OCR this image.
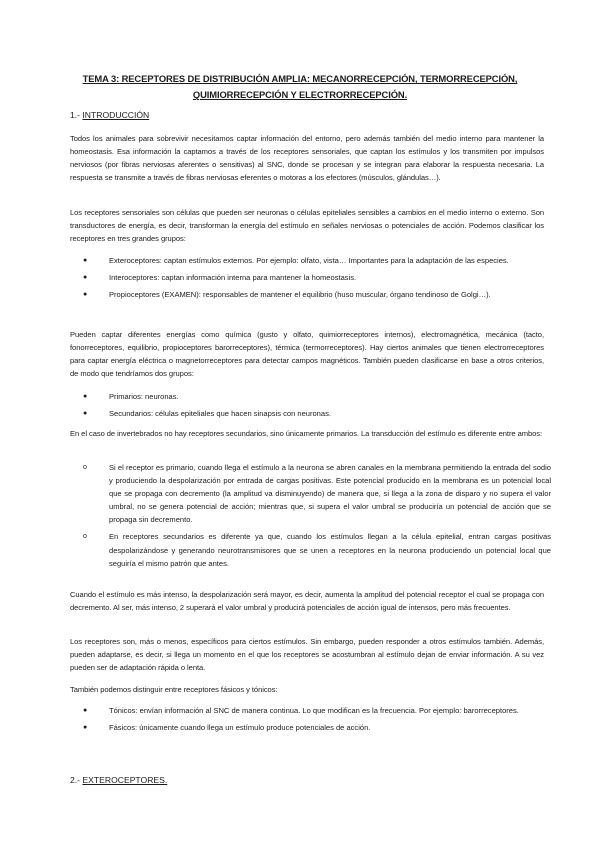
TEMA 3: RECEPTORES DE DISTRIBUCIÓN AMPLIA: MECANORRECEPCIÓN, TERMORRECEPCIÓN, QUIMIORRECEPCIÓN Y ELECTRORRECEPCIÓN.
1.- INTRODUCCIÓN
Todos los animales para sobrevivir necesitamos captar información del entorno, pero además también del medio interno para mantener la homeostasis. Esa información la captamos a través de los receptores sensoriales, que captan los estímulos y los transmiten por impulsos nerviosos (por fibras nerviosas aferentes o sensitivas) al SNC, donde se procesan y se integran para elaborar la respuesta necesaria. La respuesta se transmite a través de fibras nerviosas eferentes o motoras a los efectores (músculos, glándulas…).
Los receptores sensoriales son células que pueden ser neuronas o células epiteliales sensibles a cambios en el medio interno o externo. Son transductores de energía, es decir, transforman la energía del estímulo en señales nerviosas o potenciales de acción. Podemos clasificar los receptores en tres grandes grupos:
●	Exteroceptores: captan estímulos externos. Por ejemplo: olfato, vista… Importantes para la adaptación de las especies.
●	Interoceptores: captan información interna para mantener la homeostasis.
●	Propioceptores (EXAMEN): responsables de mantener el equilibrio (huso muscular, órgano tendinoso de Golgi…).
Pueden captar diferentes energías como química (gusto y olfato, quimiorreceptores internos), electromagnética, mecánica (tacto, fonorreceptores, equilibrio, propioceptores barorreceptores), térmica (termorreceptores). Hay ciertos animales que tienen electrorreceptores para captar energía eléctrica o magnetorreceptores para detectar campos magnéticos. También pueden clasificarse en base a otros criterios, de modo que tendríamos dos grupos:
●	Primarios: neuronas.
●	Secundarios: células epiteliales que hacen sinapsis con neuronas.
En el caso de invertebrados no hay receptores secundarios, sino únicamente primarios. La transducción del estímulo es diferente entre ambos:
o	Si el receptor es primario, cuando llega el estímulo a la neurona se abren canales en la membrana permitiendo la entrada del sodio y produciendo la despolarización por entrada de cargas positivas. Este potencial producido en la membrana es un potencial local que se propaga con decremento (la amplitud va disminuyendo) de manera que, si llega a la zona de disparo y no supera el valor umbral, no se genera potencial de acción; mientras que, si supera el valor umbral se produciría un potencial de acción que se propaga sin decremento.
o	En receptores secundarios es diferente ya que, cuando los estímulos llegan a la célula epitelial, entran cargas positivas despolarizándose y generando neurotransmisores que se unen a receptores en la neurona produciendo un potencial local que seguiría el mismo patrón que antes.
Cuando el estímulo es más intenso, la despolarización será mayor, es decir, aumenta la amplitud del potencial receptor el cual se propaga con decremento. Al ser, más intenso, 2 superará el valor umbral y producirá potenciales de acción igual de intensos, pero más frecuentes.
Los receptores son, más o menos, específicos para ciertos estímulos. Sin embargo, pueden responder a otros estímulos también. Además, pueden adaptarse, es decir, si llega un momento en el que los receptores se acostumbran al estímulo dejan de enviar información. A su vez pueden ser de adaptación rápida o lenta.
También podemos distinguir entre receptores fásicos y tónicos:
●	Tónicos: envían información al SNC de manera continua. Lo que modifican es la frecuencia. Por ejemplo: barorreceptores.
●	Fásicos: únicamente cuando llega un estímulo produce potenciales de acción.
2.- EXTEROCEPTORES.
